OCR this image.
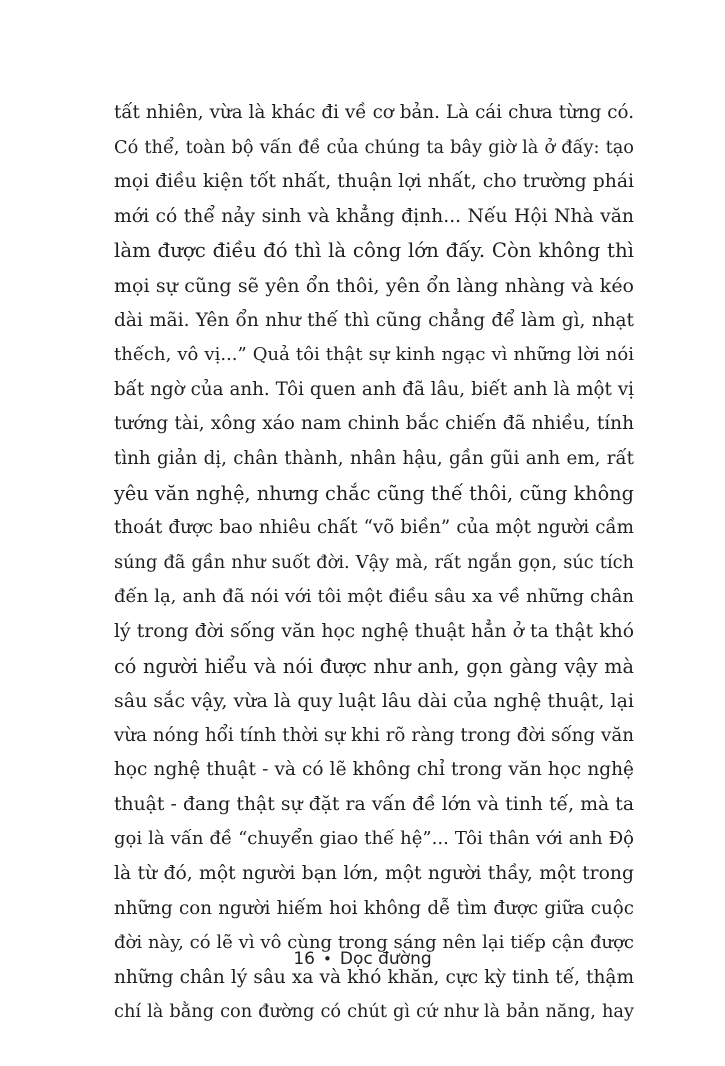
tất nhiên, vừa là khác đi về cơ bản. Là cái chưa từng có.
Có thể, toàn bộ vấn đề của chúng ta bây giờ là ở đấy: tạo
mọi điều kiện tốt nhất, thuận lợi nhất, cho trường phái
mới có thể nảy sinh và khẳng định... Nếu Hội Nhà văn
làm được điều đó thì là công lớn đấy. Còn không thì
mọi sự cũng sẽ yên ổn thôi, yên ổn làng nhàng và kéo
dài mãi. Yên ổn như thế thì cũng chẳng để làm gì, nhạt
thếch, vô vị...” Quả tôi thật sự kinh ngạc vì những lời nói
bất ngờ của anh. Tôi quen anh đã lâu, biết anh là một vị
tướng tài, xông xáo nam chinh bắc chiến đã nhiều, tính
tình giản dị, chân thành, nhân hậu, gần gũi anh em, rất
yêu văn nghệ, nhưng chắc cũng thế thôi, cũng không
thoát được bao nhiêu chất “võ biền” của một người cầm
súng đã gần như suốt đời. Vậy mà, rất ngắn gọn, súc tích
đến lạ, anh đã nói với tôi một điều sâu xa về những chân
lý trong đời sống văn học nghệ thuật hẳn ở ta thật khó
có người hiểu và nói được như anh, gọn gàng vậy mà
sâu sắc vậy, vừa là quy luật lâu dài của nghệ thuật, lại
vừa nóng hổi tính thời sự khi rõ ràng trong đời sống văn
học nghệ thuật - và có lẽ không chỉ trong văn học nghệ
thuật - đang thật sự đặt ra vấn đề lớn và tinh tế, mà ta
gọi là vấn đề “chuyển giao thế hệ”... Tôi thân với anh Độ
là từ đó, một người bạn lớn, một người thầy, một trong
những con người hiếm hoi không dễ tìm được giữa cuộc
đời này, có lẽ vì vô cùng trong sáng nên lại tiếp cận được
những chân lý sâu xa và khó khăn, cực kỳ tinh tế, thậm
chí là bằng con đường có chút gì cứ như là bản năng, hay
16 • Dọc đường
